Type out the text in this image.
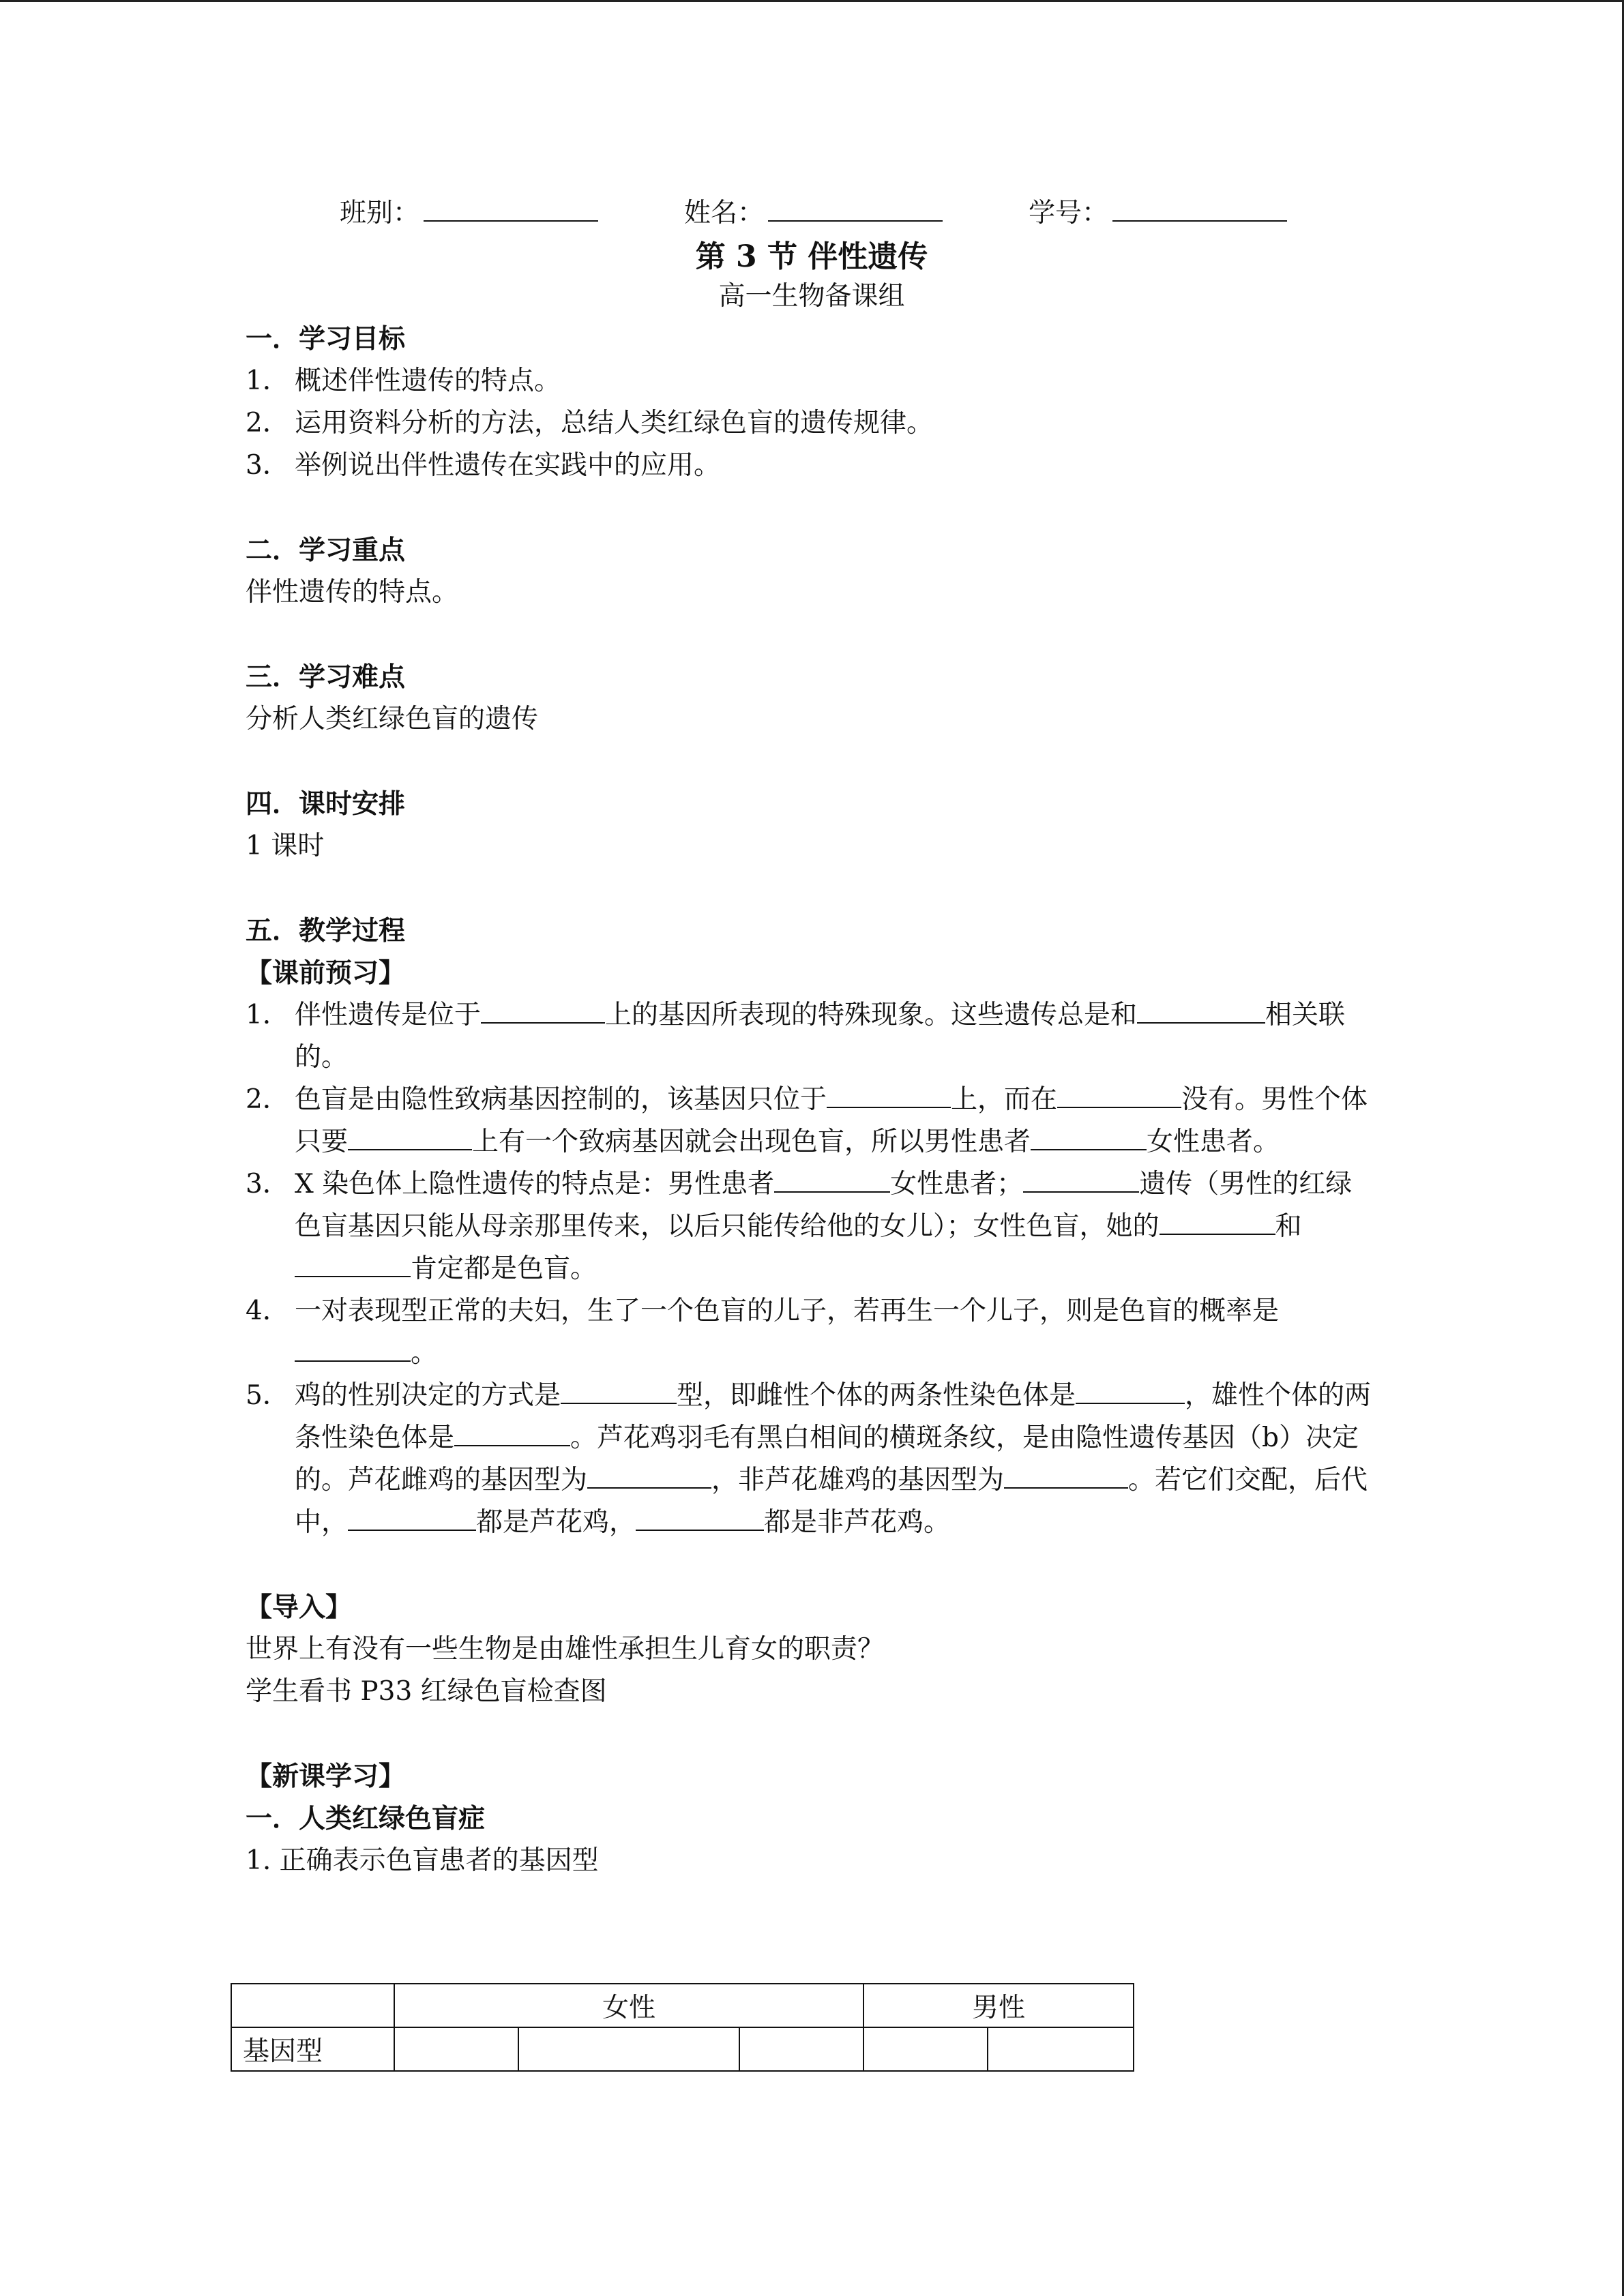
班别：	姓名：	学号：
第 3 节 伴性遗传
高一生物备课组
一．学习目标
1． 概述伴性遗传的特点。
2． 运用资料分析的方法，总结人类红绿色盲的遗传规律。
3． 举例说出伴性遗传在实践中的应用。
二．学习重点
伴性遗传的特点。
三．学习难点
分析人类红绿色盲的遗传
四．课时安排
1 课时
五．教学过程
【课前预习】
1． 伴性遗传是位于	上的基因所表现的特殊现象。这些遗传总是和	相关联的。
2． 色盲是由隐性致病基因控制的，该基因只位于	上，而在	没有。男性个体只要	上有一个致病基因就会出现色盲，所以男性患者	女性患者。
3． X 染色体上隐性遗传的特点是：男性患者	女性患者；	遗传（男性的红绿色盲基因只能从母亲那里传来，以后只能传给他的女儿）；女性色盲，她的	和肯定都是色盲。
4． 一对表现型正常的夫妇，生了一个色盲的儿子，若再生一个儿子，则是色盲的概率是。
5． 鸡的性别决定的方式是	型，即雌性个体的两条性染色体是	，雄性个体的两条性染色体是	。芦花鸡羽毛有黑白相间的横斑条纹，是由隐性遗传基因（b）决定的。芦花雌鸡的基因型为	，非芦花雄鸡的基因型为	。若它们交配，后代中，	都是芦花鸡，	都是非芦花鸡。
【导入】
世界上有没有一些生物是由雄性承担生儿育女的职责？
学生看书 P33 红绿色盲检查图
【新课学习】
一．人类红绿色盲症
1. 正确表示色盲患者的基因型
	女性			男性	
基因型					
